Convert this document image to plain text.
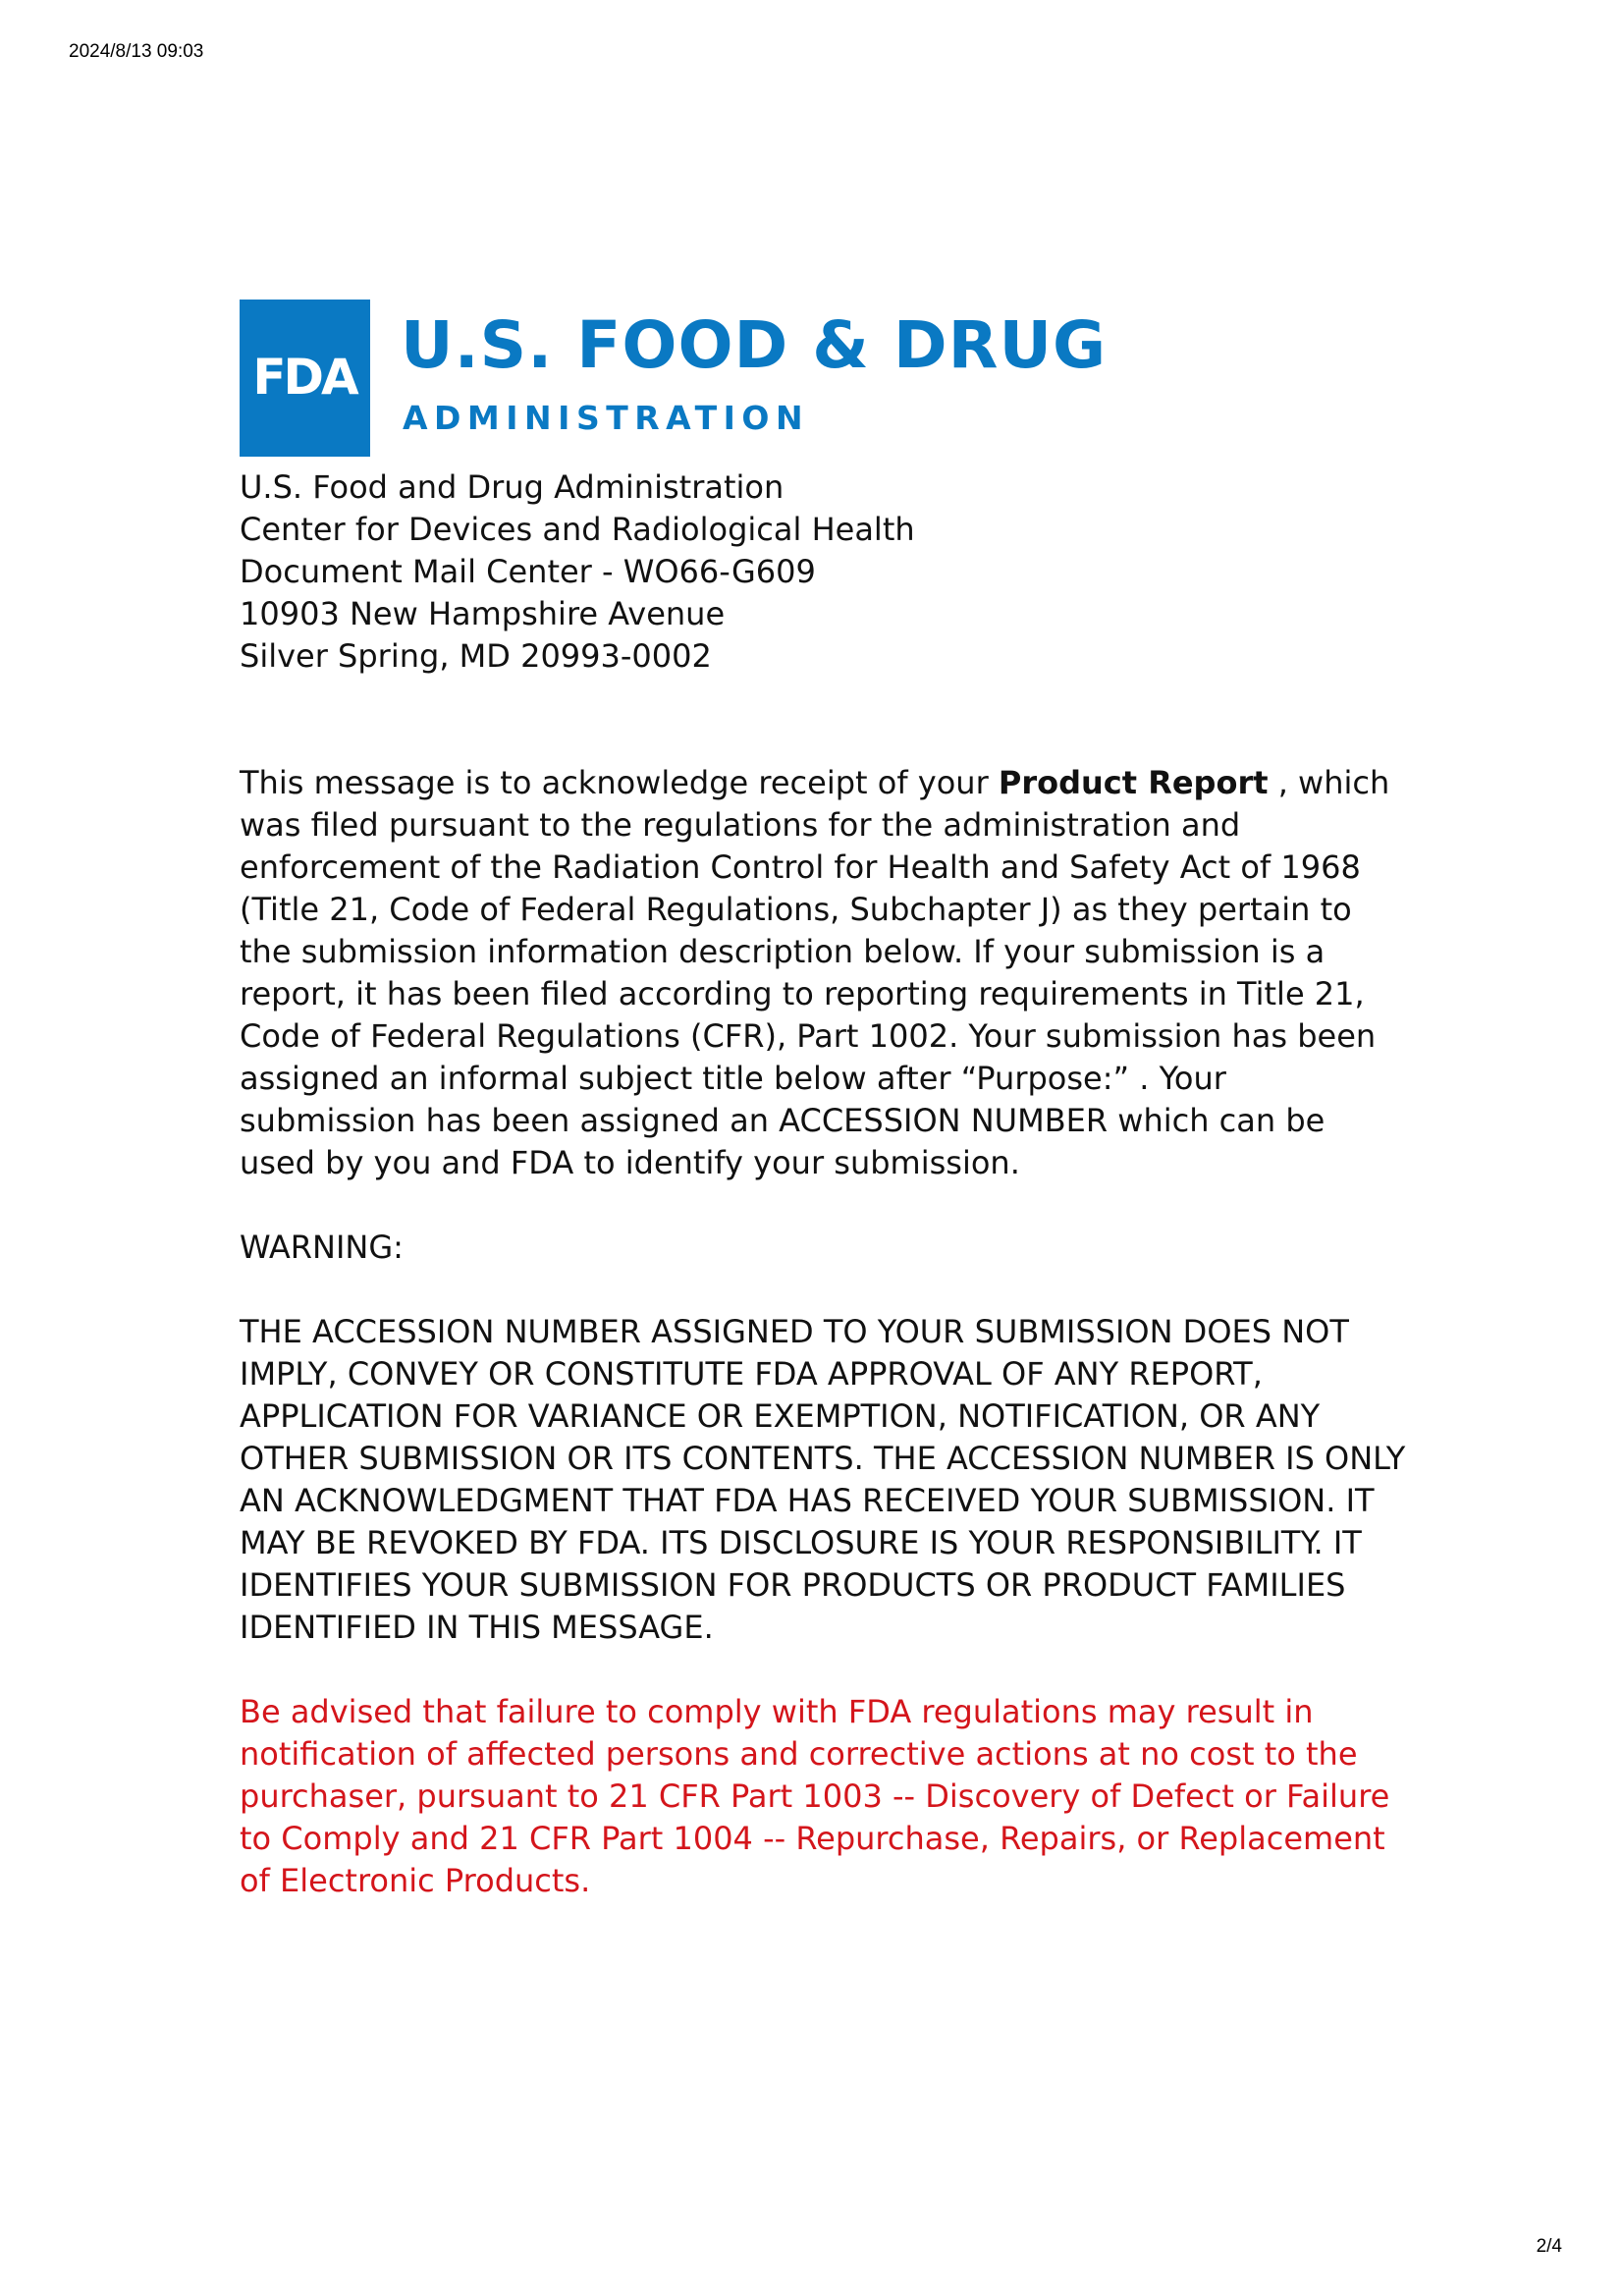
2024/8/13 09:03
FDA U.S. FOOD & DRUG
ADMINISTRATION
U.S. Food and Drug Administration
Center for Devices and Radiological Health
Document Mail Center - WO66-G609
10903 New Hampshire Avenue
Silver Spring, MD 20993-0002

This message is to acknowledge receipt of your Product Report , which was filed pursuant to the regulations for the administration and enforcement of the Radiation Control for Health and Safety Act of 1968 (Title 21, Code of Federal Regulations, Subchapter J) as they pertain to the submission information description below. If your submission is a report, it has been filed according to reporting requirements in Title 21, Code of Federal Regulations (CFR), Part 1002. Your submission has been assigned an informal subject title below after “Purpose:” . Your submission has been assigned an ACCESSION NUMBER which can be used by you and FDA to identify your submission.

WARNING:

THE ACCESSION NUMBER ASSIGNED TO YOUR SUBMISSION DOES NOT IMPLY, CONVEY OR CONSTITUTE FDA APPROVAL OF ANY REPORT, APPLICATION FOR VARIANCE OR EXEMPTION, NOTIFICATION, OR ANY OTHER SUBMISSION OR ITS CONTENTS. THE ACCESSION NUMBER IS ONLY AN ACKNOWLEDGMENT THAT FDA HAS RECEIVED YOUR SUBMISSION. IT MAY BE REVOKED BY FDA. ITS DISCLOSURE IS YOUR RESPONSIBILITY. IT IDENTIFIES YOUR SUBMISSION FOR PRODUCTS OR PRODUCT FAMILIES IDENTIFIED IN THIS MESSAGE.

Be advised that failure to comply with FDA regulations may result in notification of affected persons and corrective actions at no cost to the purchaser, pursuant to 21 CFR Part 1003 -- Discovery of Defect or Failure to Comply and 21 CFR Part 1004 -- Repurchase, Repairs, or Replacement of Electronic Products.

2/4
